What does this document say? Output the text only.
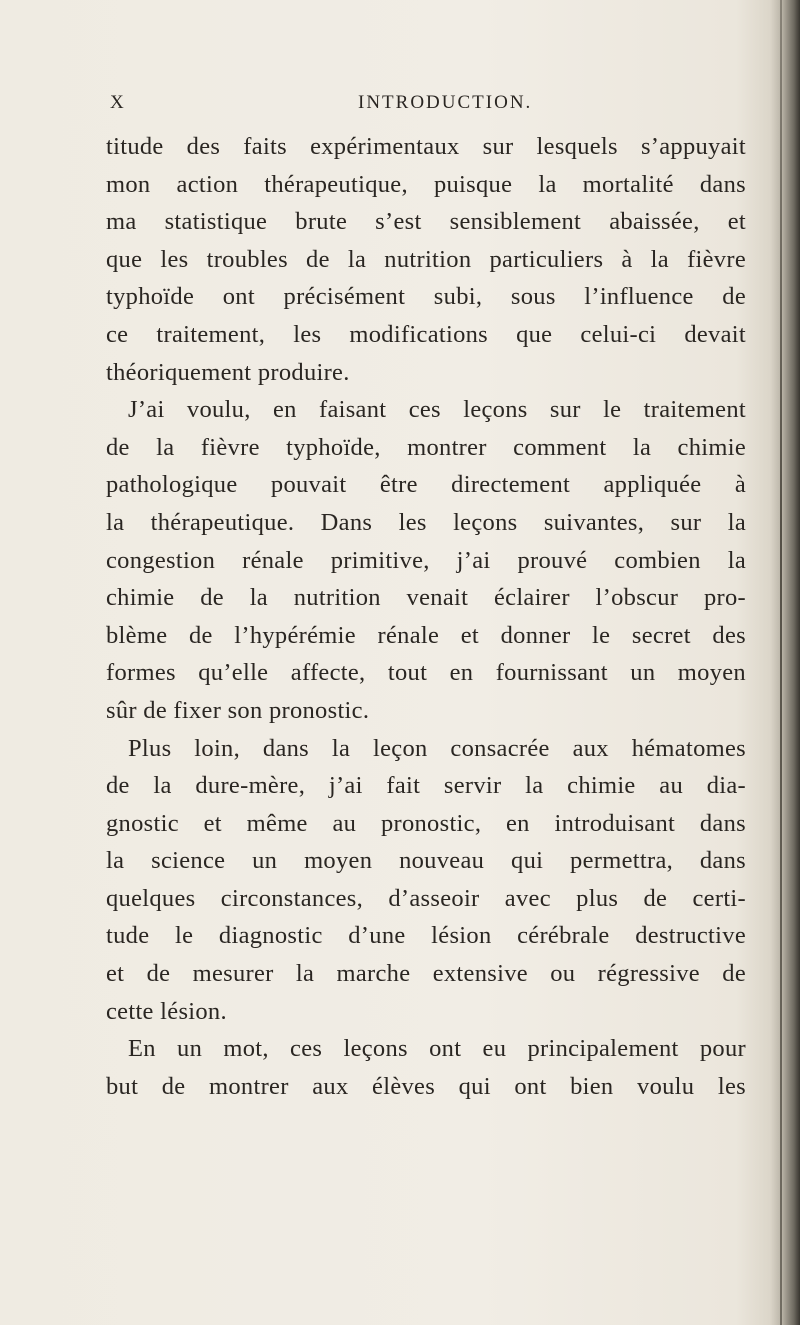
X	INTRODUCTION.
titude des faits expérimentaux sur lesquels s’appuyait
mon action thérapeutique, puisque la mortalité dans
ma statistique brute s’est sensiblement abaissée, et
que les troubles de la nutrition particuliers à la fièvre
typhoïde ont précisément subi, sous l’influence de
ce traitement, les modifications que celui-ci devait
théoriquement produire.
J’ai voulu, en faisant ces leçons sur le traitement
de la fièvre typhoïde, montrer comment la chimie
pathologique pouvait être directement appliquée à
la thérapeutique. Dans les leçons suivantes, sur la
congestion rénale primitive, j’ai prouvé combien la
chimie de la nutrition venait éclairer l’obscur pro-
blème de l’hypérémie rénale et donner le secret des
formes qu’elle affecte, tout en fournissant un moyen
sûr de fixer son pronostic.
Plus loin, dans la leçon consacrée aux hématomes
de la dure-mère, j’ai fait servir la chimie au dia-
gnostic et même au pronostic, en introduisant dans
la science un moyen nouveau qui permettra, dans
quelques circonstances, d’asseoir avec plus de certi-
tude le diagnostic d’une lésion cérébrale destructive
et de mesurer la marche extensive ou régressive de
cette lésion.
En un mot, ces leçons ont eu principalement pour
but de montrer aux élèves qui ont bien voulu les
